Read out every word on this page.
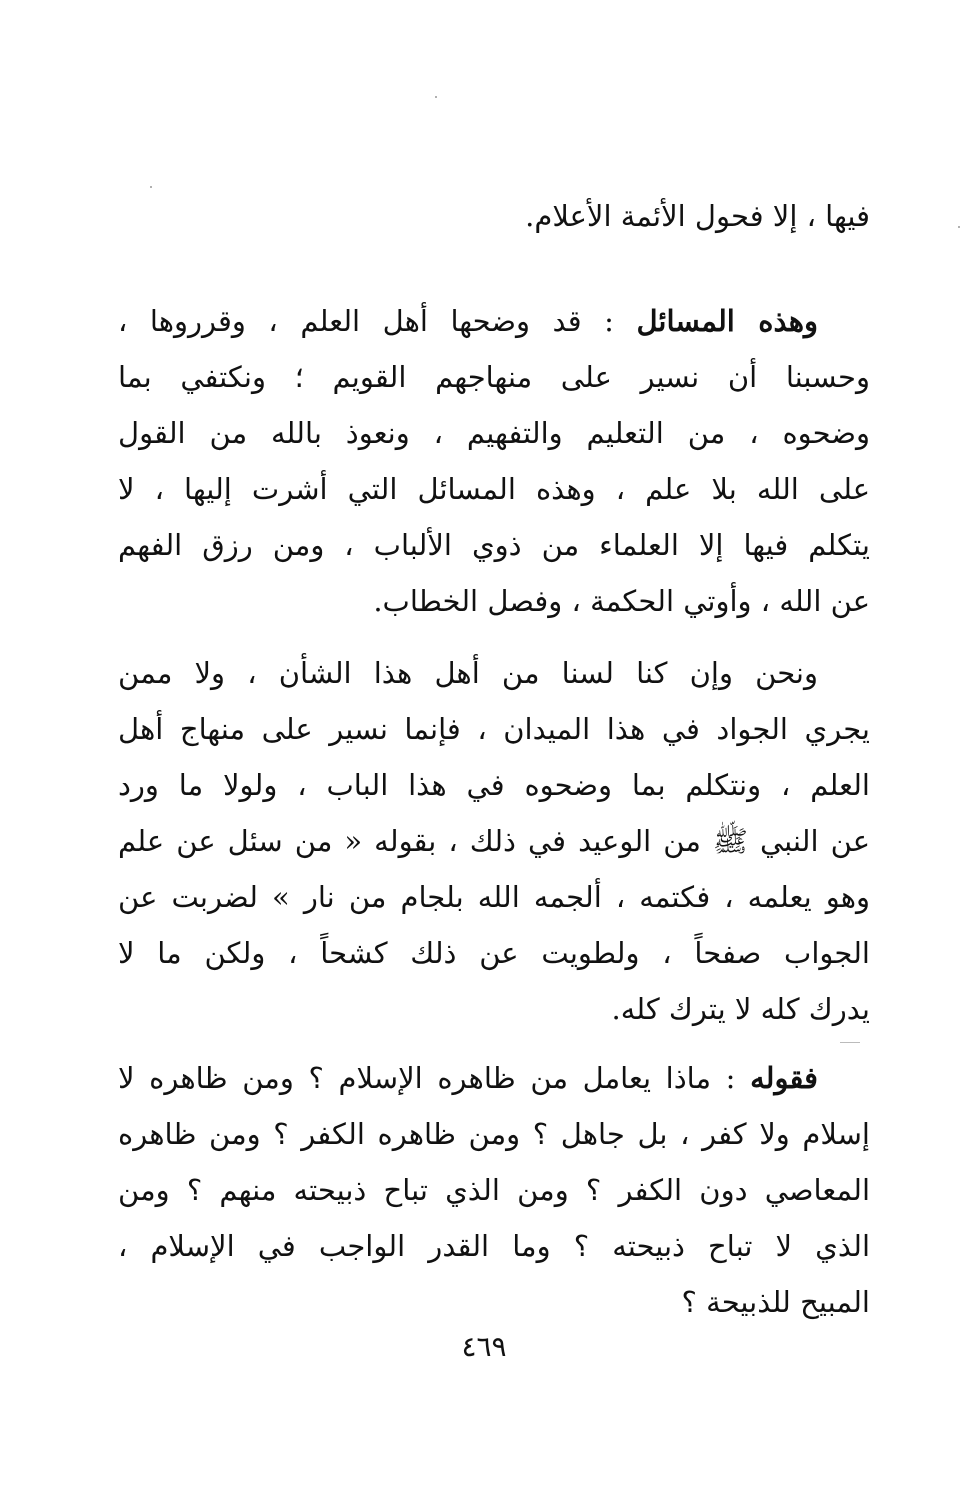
فيها ، إلا فحول الأئمة الأعلام.
وهذه المسائل : قد وضحها أهل العلم ، وقرروها ،
وحسبنا أن نسير على منهاجهم القويم ؛ ونكتفي بما
وضحوه ، من التعليم والتفهيم ، ونعوذ بالله من القول
على الله بلا علم ، وهذه المسائل التي أشرت إليها ، لا
يتكلم فيها إلا العلماء من ذوي الألباب ، ومن رزق الفهم
عن الله ، وأوتي الحكمة ، وفصل الخطاب.
ونحن وإن كنا لسنا من أهل هذا الشأن ، ولا ممن
يجري الجواد في هذا الميدان ، فإنما نسير على منهاج أهل
العلم ، ونتكلم بما وضحوه في هذا الباب ، ولولا ما ورد
عن النبي ﷺ من الوعيد في ذلك ، بقوله « من سئل عن علم
وهو يعلمه ، فكتمه ، ألجمه الله بلجام من نار » لضربت عن
الجواب صفحاً ، ولطويت عن ذلك كشحاً ، ولكن ما لا
يدرك كله لا يترك كله.
فقوله : ماذا يعامل من ظاهره الإسلام ؟ ومن ظاهره لا
إسلام ولا كفر ، بل جاهل ؟ ومن ظاهره الكفر ؟ ومن ظاهره
المعاصي دون الكفر ؟ ومن الذي تباح ذبيحته منهم ؟ ومن
الذي لا تباح ذبيحته ؟ وما القدر الواجب في الإسلام ،
المبيح للذبيحة ؟
٤٦٩
